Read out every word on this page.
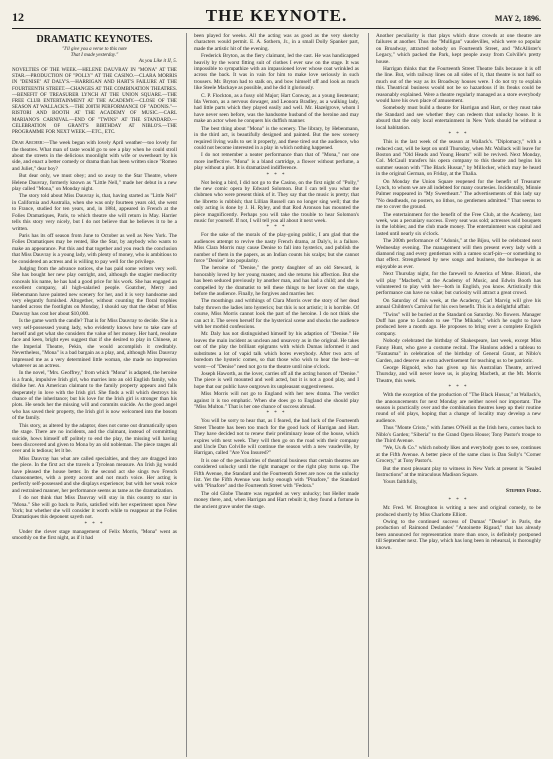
12	THE KEYNOTE.	MAY 2, 1896.
DRAMATIC KEYNOTES.
"I'll give you a verse to this note
That I made yesterday."
As you Like it II, 5.
NOVELTIES OF THE WEEK.—HELENE DAUVRAY IN "MONA" AT THE STAR.—PRODUCTION OF "POLLY" AT THE CASINO.—CLARA MORRIS IN "DENISE" AT DALY'S.—HARRIGAN AND HART'S FAILURE AT THE FOURTEENTH STREET.—CHANGES AT THE COMBINATION THEATRES.—BENEFIT OF TREASURER LYNCH AT THE UNION SQUARE.—THE FREE CLUB ENTERTAINMENT AT THE ACADEMY.—CLOSE OF THE SEASON AT WALLACK'S.—THE 200TH PERFORMANCE OF "ADONIS."—RISTORI AND BOOTH AT THE ACADEMY OF MUSIC.—CARL MARIANO'S CARNIVAL.—END OF "TWINS" AT THE STANDARD.—CELEBRATION OF GRANT'S BIRTHDAY AT NIBLO'S.—THE PROGRAMME FOR NEXT WEEK.—ETC., ETC.

Dear Archer:—The week began with lovely April weather—too lovely for the theatres. What man of taste would go to see a play when he could stroll about the streets in the delicious moonlight with wife or sweetheart by his side, and enact a better comedy or drama than has been written since "Romeo and Juliet," dear boy?

But dear only, we must obey; and so away to the Star Theatre, where Helene Dauvray, formerly known as "Little Nell," made her debut in a new play called "Mona," on Monday night.

The story told about Miss Dauvray is, that, having started as "Little Nell" in California and Australia, when she was only fourteen years old, she went to France, studied for ten years, and, in 1884, appeared in French at the Folies Dramatiques, Paris, to which theatre she will return in May. Harrier tells this story very nicely, but I do not believe that he believes it to be a written.

Paris has its off season from June to October as well as New York. The Folies Dramatiques may be rented, like the Star, by anybody who wants to make an appearance. Put this and that together and you reach the conclusion that Miss Dauvray is a young lady, with plenty of money, who is ambitious to be considered an actress and is willing to pay well for the privilege.

Judging from the advance notices, she has paid some writers very well. She has bought her new play outright, and, although the stagier mediocrity conceals his name, he has had a good price for his work. She has engaged an excellent company, all high-salaried people. Goatcher, Merry and Hebenmann have painted new scenery for her, and it is very handsome and very elegantly furnished. Altogether, without counting the floral trophies handed across the footlights on Monday, I should say that the debut of Miss Dauvray has cost her about $10,000.

Is the game worth the candle? That is for Miss Dauvray to decide. She is a very self-possessed young lady, who evidently knows how to take care of herself and get what she considers the value of her money. Her hard, resolute face and keen, bright eyes suggest that if she desired to play in Chinese, at the Imperial Theatre, Pekin, she would accomplish it creditably. Nevertheless, "Mona" is a bad bargain as a play, and, although Miss Dauvray impressed me as a very determined little woman, she made no impression whatever as an actress.

In the novel, "Mrs. Geoffrey," from which "Mona" is adapted, the heroine is a frank, impulsive Irish girl, who marries into an old English family, who dislike her. An American claimant to the family property appears and falls desperately in love with the Irish girl. She finds a will which destroys his chance of the inheritance; but his love for the Irish girl is stronger than his plots. He sends her the missing will and commits suicide. As the good angel who has saved their property, the Irish girl is now welcomed into the bosom of the family.

This story, as altered by the adaptor, does not come out dramatically upon the stage. There are no incidents, and the claimant, instead of committing suicide, hows himself off politely to end the play, the missing will having been discovered and given to Mona by an old nobleman. The piece ranges all over and is tedious; let it be.

Miss Dauvray has what are called specialties, and they are dragged into the piece. In the first act she travels a Tyrolean measure. An Irish jig would have pleased the house better. In the second act she sings two French chansonnettes, with a pretty accent and not much voice. Her acting is perfectly self-possessed and she displays experience; but with her weak voice and restrained manner, her performance seems as tame as the dramatization.

I do not think that Miss Dauvray will stay in this country to star in "Mona." She will go back to Paris, satisfied with her experiment upon New York; but whether she will consider it worth while to reappear at the Folies Dramatiques this deponent sayeth not.

* * *

Under the clever stage management of Felix Morris, "Mona" went as smoothly on the first night, as if it had

been played for weeks. All the acting was as good as the very sketchy characters would permit. E. A. Sothern, Jr., in a small Dolly Spanker part, made the artistic hit of the evening.

Frederick Bryton, as the fiery claimant, led the cast. He was handicapped heavily by the worst fitting suit of clothes I ever saw on the stage. It was impossible to sympathize with an impassioned lover whose coat wrinkled as across the back. It was in vain for him to make love seriously in such trousers. Mr. Bryton had to stalk on, and bow himself off and look as much like Steele Mackaye as possible, and he did it gloriously.

C. P. Flockton, as a fussy old Major; Hart Conway, as a young lieutenant; Ida Vernon, as a nervous dowager, and Leonora Bradley, as a walking lady, had little parts which they played easily and well. Mr. Hazelgrove, whom I have never seen before, was the handsome husband of the heroine and may make an actor when he conquers his duffish manner.

The best thing about "Mona" is the scenery. The library, by Hebenmann, in the third act, is beautifully designed and painted. But the new scenery required living walls to set it properly, and these tired out the audience, who could not become interested in a play in which nothing happened.

I do not remember a neater performance than that of "Mona," nor one more ineffective. "Mona" is a bland cartridge, a flower without perfume, a play without a plot. It is dramatized indifference.

* * *

Not being a bird, I did not go to the Casino, on the first night of "Polly," the new comic opera by Edward Solomon. But I can tell you what the clubmen who were present think of it. They say that the music is pretty; that the libretto is rubbish; that Lillian Russell can no longer sing well; that the only acting is done by J. H. Ryley, and that Rod Aronson has mounted the piece magnificently. Perhaps you will take the trouble to hear Solomon's music for yourself. If not, I will tell you all about it next week.

* * *

For the sake of the morals of the play-going public, I am glad that the audiences attempt to revive the nasty French drama, at Daly's, is a failure. Miss Clara Morris may cause Denise to fall into hysterics, and publish the number of them in the papers, as an Indian counts his scalps; but she cannot force "Denise" into popularity.

The heroine of "Denise," the pretty daughter of an old Steward, is honorably loved by her young master, and she returns his affection. But she has been seduced previously by another man, and has had a child; and she is compelled by the dramatist to tell these things to her lover on the stage, before the audience. Finally, he forgives and marries her.

The mouthings and writhings of Clara Morris over the story of her dead baby thrown the ladies into hysterics; but this is not artistic; it is horrible. Of course, Miss Morris cannot look the part of the heroine. I do not think she can act it. The seven herself for the hysterical scene and shocks the audience with her morbid confessions.

Mr. Daly has not distinguished himself by his adaption of "Denise." He leaves the main incident as unclean and unsavory as in the original. He takes out of the play the brilliant epigrams with which Dumas informed it and substitutes a lot of vapid talk which bores everybody. After two acts of boredom the hysteric comes, so that those who wish to hear the best—or worst—of "Denise" need not go to the theatre until nine o'clock.

Joseph Haworth, as the lover, carries off all the acting honors of "Denise." The piece is well mounted and well acted, but it is not a good play, and I hope that our public have outgrown its unpleasant suggestiveness.

Miss Morris will not go to England with her new drama. The verdict against it is too emphatic. When she does go to England she should play "Miss Multon." That is her one chance of success abroad.

* * *

You will be sorry to hear that, as I feared, the bad luck of the Fourteenth Street Theatre has been too much for the good luck of Harrigan and Hart. They have decided not to renew their preliminary lease of the house, which expires with next week. They will then go on the road with their company and Uncle Dan Colville will continue the season with a new vaudeville, by Harrigan, called "Are You Insured?"

It is one of the peculiarities of theatrical business that certain theatres are considered unlucky until the right manager or the right play turns up. The Fifth Avenue, the Standard and the Fourteenth Street are now on the unlucky list. Yet the Fifth Avenue was lucky enough with "Pinafore," the Standard with "Pinafore" and the Fourteenth Street with "Fedora."

The old Globe Theatre was regarded as very unlucky; but Heller made money there, and, when Harrigan and Hart rebuilt it, they found a fortune in the ancient grave under the stage.

Another peculiarity is that plays which draw crowds at one theatre are failures at another. Thus the "Mulligan" vaudevilles, which were so popular on Broadway, attracted nobody on Fourteenth Street, and "McAllister's Legacy," which packed the Park, kept people away from Colville's pretty house.

Harrigan thinks that the Fourteenth Street Theatre fails because it is off the line. But, with railway lines on all sides of it, that theatre is not half so much out of the way as its Broadway houses were. I do not try to explain this. Theatrical business would not be so hazardous if its freaks could be reasonably explained. Were a theatre regularly managed as a store everybody would have his own place of amusement.

Somebody must build a theatre for Harrigan and Hart, or they must take the Standard and see whether they can redeem that unlucky house. It is absurd that the only local entertainment in New York should be without a local habitation.

* * *

This is the last week of the season at Wallack's. "Diplomacy," with a reduced cast, will be kept on until Thursday, when Mr. Wallack will leave for Boston and "Old Heads and Young Hearts" will be revived. Next Monday, Col. McCaull transfers his opera company to this theatre and begins his summer season with "The Black Hussar," by Millocker, which may be heard in the original German, on Friday, at the Thalia.

On Monday the Union Square reopened for the benefit of Treasurer Lynch, to whom we are all indebted for many courtesies. Incidentally, Minnie Palmer reappeared in "My Sweetheart." The advertisements of this lady say "No deadheads, no posters, no lithos, no gentlemen admitted." That seems to me to cover the ground.

The entertainment for the benefit of the Free Club, at the Academy, last week, was a pecuniary success. Every seat was sold; actresses sold bouquets in the lobbies; and the club made money. The entertainment was capital and lasted until nearly six o'clock.

The 200th performance of "Adonis," at the Bijou, will be celebrated next Wednesday evening. The management will then present every lady with a diamond ring and every gentleman with a cameo scarf-pin—or something to that effect. Strengthened by new songs and business, the burlesque is as enjoyable as ever.

Next Thursday night, for the farewell to America of Mme. Ristori, she will play "Macbeth," at the Academy of Music, and Edwin Booth has volunteered to play with her—both in English, you know. Artistically this performance can have no value; but curiosity will attract a great crowd.

On Saturday of this week, at the Academy, Carl Marvig will give his annual Children's Carnival for his own benefit. This is a delightful affair.

"Twins" will be buried at the Standard on Saturday. No flowers. Manager Duff has gone to London to see "The Mikado," which he ought to have produced here a month ago. He proposes to bring over a complete English company.

Nobody celebrated the birthday of Shakespeare, last week, except Miss Fanny Hunt, who gave a costume recital. The Hanlons added a tableau to "Fantasma" in celebration of the birthday of General Grant, at Niblo's Garden, and deserve an extra advertisement for teaching us to be patriotic.

George Rignold, who has given up his Australian Theatre, arrived Thursday, and will never leave us, is playing Macbeth, at the Mt. Morris Theatre, this week.

* * *

With the exception of the production of "The Black Hussar," at Wallack's, the announcements for next Monday are neither novel nor important. The season is practically over and the combination theatres keep up their routine round of old plays, hoping that a change of locality may develop a new audience.

Thus "Monte Cristo," with James O'Neill as the Irish hero, comes back to Niblo's Garden; "Siberia" to the Grand Opera House; Tony Pastor's troupe to the Third Avenue.

"We, Us & Co." which nobody likes and everybody goes to see, continues at the Fifth Avenue. A better piece of the same class is Dan Sully's "Corner Grocery," at Tony Pastor's.

But the most pleasant play to witness in New York at present is "Sealed Instructions" at the miraculous Madison Square.

Yours faithfully,

Stephen Fiske.
* * *

Mr. Fred. W. Broughton is writing a new and original comedy, to be produced shortly by Miss Charlotte Elliott.

Owing to the continued success of Dumas' "Denise" in Paris, the production of Raimond Deslandes' "Antoinette Rigaud," that has already been announced for representation more than once, is definitely postponed till September next. The play, which has long been in rehearsal, is thoroughly known.
